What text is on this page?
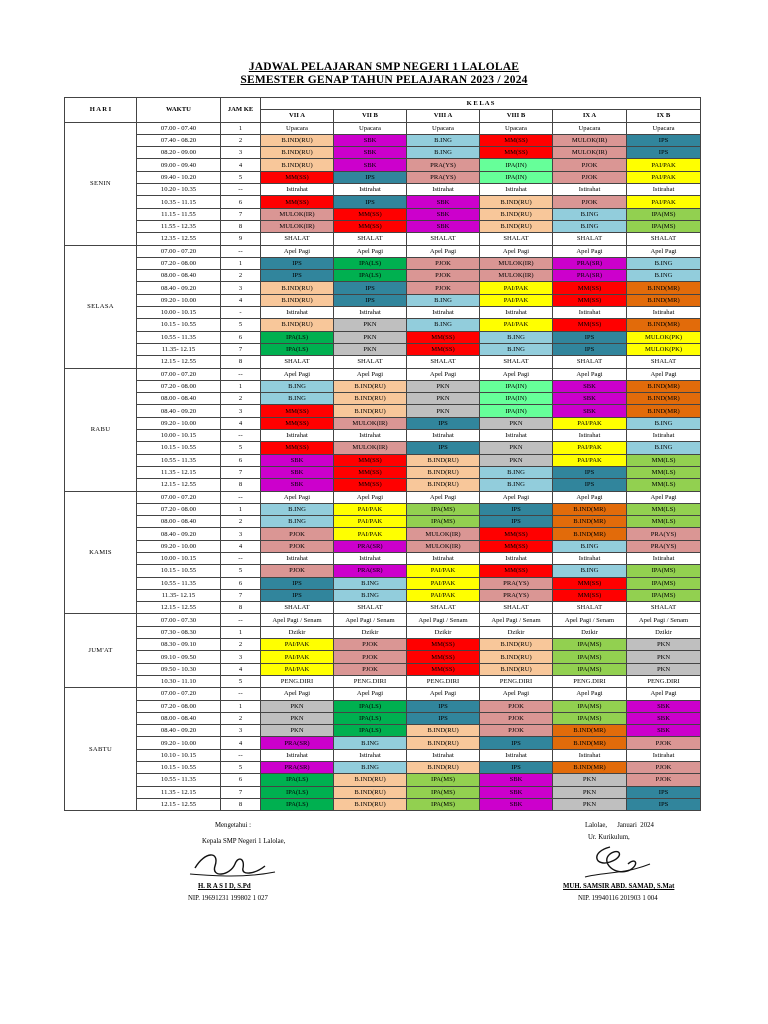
JADWAL PELAJARAN SMP NEGERI 1 LALOLAE
SEMESTER GENAP TAHUN PELAJARAN 2023 / 2024
H A R I	WAKTU	JAM KE	K E L A S					
			VII A	VII B	VIII A	VIII B	IX A	IX B
SENIN	07.00 - 07.40	1	Upacara	Upacara	Upacara	Upacara	Upacara	Upacara
	07.40 - 08.20	2	B.IND(RU)	SBK	B.ING	MM(SS)	MULOK(IR)	IPS
	08.20 - 09.00	3	B.IND(RU)	SBK	B.ING	MM(SS)	MULOK(IR)	IPS
	09.00 - 09.40	4	B.IND(RU)	SBK	PRA(YS)	IPA(IN)	PJOK	PAI/PAK
	09.40 - 10.20	5	MM(SS)	IPS	PRA(YS)	IPA(IN)	PJOK	PAI/PAK
	10.20 - 10.35	--	Istirahat	Istirahat	Istirahat	Istirahat	Istirahat	Istirahat
	10.35 - 11.15	6	MM(SS)	IPS	SBK	B.IND(RU)	PJOK	PAI/PAK
	11.15 - 11.55	7	MULOK(IR)	MM(SS)	SBK	B.IND(RU)	B.ING	IPA(MS)
	11.55 - 12.35	8	MULOK(IR)	MM(SS)	SBK	B.IND(RU)	B.ING	IPA(MS)
	12.35 - 12.55	9	SHALAT	SHALAT	SHALAT	SHALAT	SHALAT	SHALAT
SELASA	07.00 - 07.20	--	Apel Pagi	Apel Pagi	Apel Pagi	Apel Pagi	Apel Pagi	Apel Pagi
	07.20 - 08.00	1	IPS	IPA(LS)	PJOK	MULOK(IR)	PRA(SR)	B.ING
	08.00 - 08.40	2	IPS	IPA(LS)	PJOK	MULOK(IR)	PRA(SR)	B.ING
	08.40 - 09.20	3	B.IND(RU)	IPS	PJOK	PAI/PAK	MM(SS)	B.IND(MR)
	09.20 - 10.00	4	B.IND(RU)	IPS	B.ING	PAI/PAK	MM(SS)	B.IND(MR)
	10.00 - 10.15	-	Istirahat	Istirahat	Istirahat	Istirahat	Istirahat	Istirahat
	10.15 - 10.55	5	B.IND(RU)	PKN	B.ING	PAI/PAK	MM(SS)	B.IND(MR)
	10.55 - 11.35	6	IPA(LS)	PKN	MM(SS)	B.ING	IPS	MULOK(PK)
	11.35- 12.15	7	IPA(LS)	PKN	MM(SS)	B.ING	IPS	MULOK(PK)
	12.15 - 12.55	8	SHALAT	SHALAT	SHALAT	SHALAT	SHALAT	SHALAT
RABU	07.00 - 07.20	--	Apel Pagi	Apel Pagi	Apel Pagi	Apel Pagi	Apel Pagi	Apel Pagi
	07.20 - 08.00	1	B.ING	B.IND(RU)	PKN	IPA(IN)	SBK	B.IND(MR)
	08.00 - 08.40	2	B.ING	B.IND(RU)	PKN	IPA(IN)	SBK	B.IND(MR)
	08.40 - 09.20	3	MM(SS)	B.IND(RU)	PKN	IPA(IN)	SBK	B.IND(MR)
	09.20 - 10.00	4	MM(SS)	MULOK(IR)	IPS	PKN	PAI/PAK	B.ING
	10.00 - 10.15	--	Istirahat	Istirahat	Istirahat	Istirahat	Istirahat	Istirahat
	10.15 - 10.55	5	MM(SS)	MULOK(IR)	IPS	PKN	PAI/PAK	B.ING
	10.55 - 11.35	6	SBK	MM(SS)	B.IND(RU)	PKN	PAI/PAK	MM(LS)
	11.35 - 12.15	7	SBK	MM(SS)	B.IND(RU)	B.ING	IPS	MM(LS)
	12.15 - 12.55	8	SBK	MM(SS)	B.IND(RU)	B.ING	IPS	MM(LS)
KAMIS	07.00 - 07.20	--	Apel Pagi	Apel Pagi	Apel Pagi	Apel Pagi	Apel Pagi	Apel Pagi
	07.20 - 08.00	1	B.ING	PAI/PAK	IPA(MS)	IPS	B.IND(MR)	MM(LS)
	08.00 - 08.40	2	B.ING	PAI/PAK	IPA(MS)	IPS	B.IND(MR)	MM(LS)
	08.40 - 09.20	3	PJOK	PAI/PAK	MULOK(IR)	MM(SS)	B.IND(MR)	PRA(YS)
	09.20 - 10.00	4	PJOK	PRA(SR)	MULOK(IR)	MM(SS)	B.ING	PRA(YS)
	10.00 - 10.15	--	Istirahat	Istirahat	Istirahat	Istirahat	Istirahat	Istirahat
	10.15 - 10.55	5	PJOK	PRA(SR)	PAI/PAK	MM(SS)	B.ING	IPA(MS)
	10.55 - 11.35	6	IPS	B.ING	PAI/PAK	PRA(YS)	MM(SS)	IPA(MS)
	11.35- 12.15	7	IPS	B.ING	PAI/PAK	PRA(YS)	MM(SS)	IPA(MS)
	12.15 - 12.55	8	SHALAT	SHALAT	SHALAT	SHALAT	SHALAT	SHALAT
JUM'AT	07.00 - 07.30	--	Apel Pagi / Senam	Apel Pagi / Senam	Apel Pagi / Senam	Apel Pagi / Senam	Apel Pagi / Senam	Apel Pagi / Senam
	07.30 - 08.30	1	Dzikir	Dzikir	Dzikir	Dzikir	Dzikir	Dzikir
	08.30 - 09.10	2	PAI/PAK	PJOK	MM(SS)	B.IND(RU)	IPA(MS)	PKN
	09.10 - 09.50	3	PAI/PAK	PJOK	MM(SS)	B.IND(RU)	IPA(MS)	PKN
	09.50 - 10.30	4	PAI/PAK	PJOK	MM(SS)	B.IND(RU)	IPA(MS)	PKN
	10.30 - 11.10	5	PENG.DIRI	PENG.DIRI	PENG.DIRI	PENG.DIRI	PENG.DIRI	PENG.DIRI
SABTU	07.00 - 07.20	--	Apel Pagi	Apel Pagi	Apel Pagi	Apel Pagi	Apel Pagi	Apel Pagi
	07.20 - 08.00	1	PKN	IPA(LS)	IPS	PJOK	IPA(MS)	SBK
	08.00 - 08.40	2	PKN	IPA(LS)	IPS	PJOK	IPA(MS)	SBK
	08.40 - 09.20	3	PKN	IPA(LS)	B.IND(RU)	PJOK	B.IND(MR)	SBK
	09.20 - 10.00	4	PRA(SR)	B.ING	B.IND(RU)	IPS	B.IND(MR)	PJOK
	10.10 - 10.15	--	Istirahat	Istirahat	Istirahat	Istirahat	Istirahat	Istirahat
	10.15 - 10.55	5	PRA(SR)	B.ING	B.IND(RU)	IPS	B.IND(MR)	PJOK
	10.55 - 11.35	6	IPA(LS)	B.IND(RU)	IPA(MS)	SBK	PKN	PJOK
	11.35 - 12.15	7	IPA(LS)	B.IND(RU)	IPA(MS)	SBK	PKN	IPS
	12.15 - 12.55	8	IPA(LS)	B.IND(RU)	IPA(MS)	SBK	PKN	IPS
Mengetahui :
Kepala SMP Negeri 1 Lalolae,
H. R A S I D, S.Pd
NIP. 19691231 199802 1 027
Lalolae,      Januari  2024
Ur. Kurikulum,
MUH. SAMSIR ABD. SAMAD, S.Mat
NIP. 19940116 201903 1 004
